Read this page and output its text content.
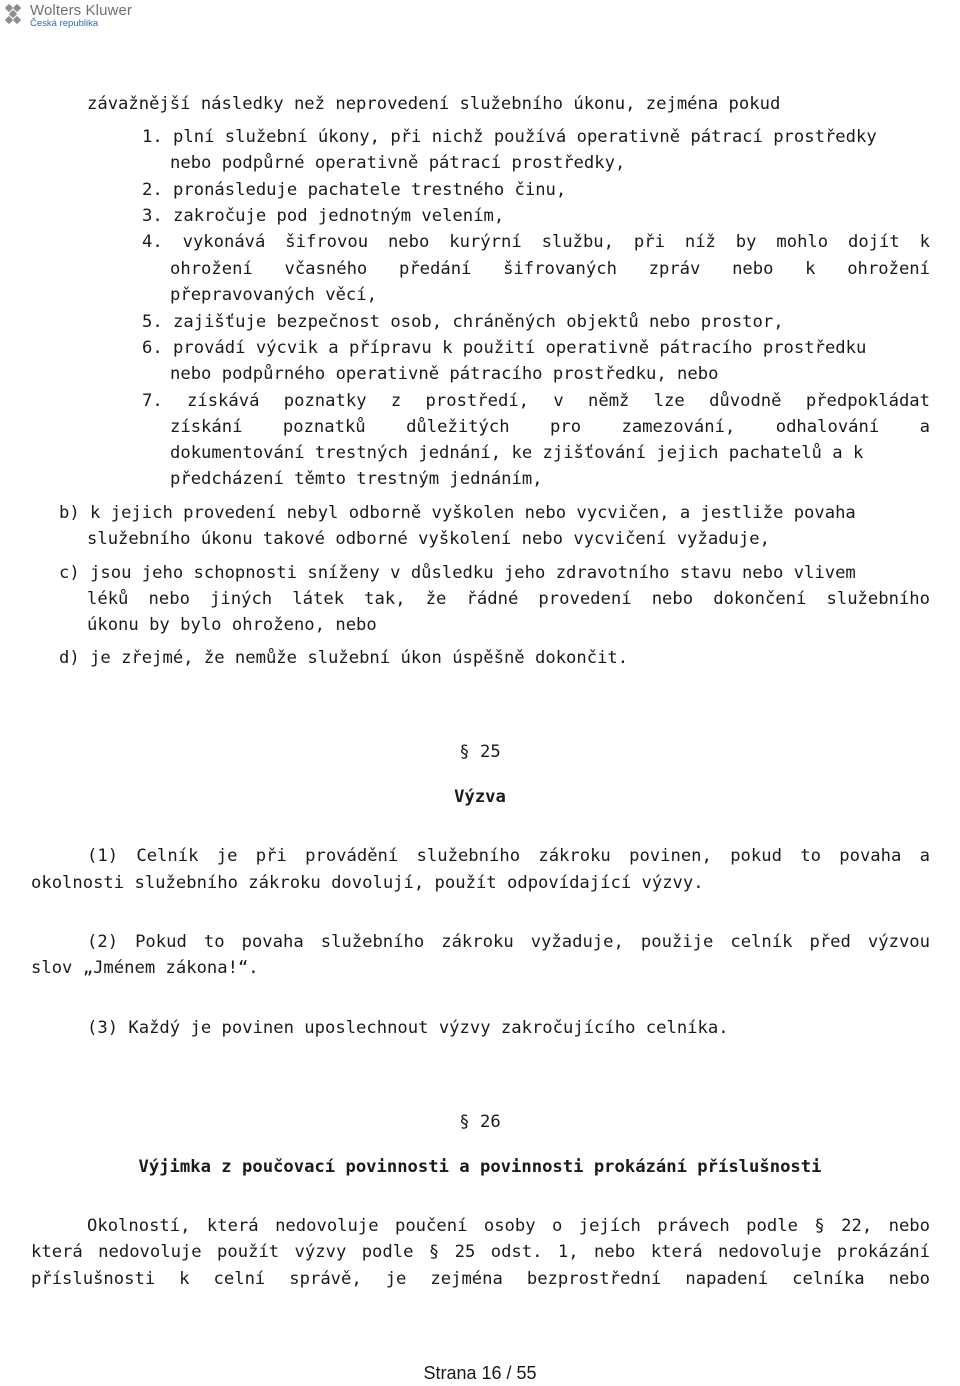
Wolters Kluwer
Česká republika
závažnější následky než neprovedení služebního úkonu, zejména pokud
1. plní služební úkony, při nichž používá operativně pátrací prostředky
nebo podpůrné operativně pátrací prostředky,
2. pronásleduje pachatele trestného činu,
3. zakročuje pod jednotným velením,
4. vykonává šifrovou nebo kurýrní službu, při níž by mohlo dojít k
ohrožení včasného předání šifrovaných zpráv nebo k ohrožení
přepravovaných věcí,
5. zajišťuje bezpečnost osob, chráněných objektů nebo prostor,
6. provádí výcvik a přípravu k použití operativně pátracího prostředku
nebo podpůrného operativně pátracího prostředku, nebo
7. získává poznatky z prostředí, v němž lze důvodně předpokládat
získání poznatků důležitých pro zamezování, odhalování a
dokumentování trestných jednání, ke zjišťování jejich pachatelů a k
předcházení těmto trestným jednáním,
b) k jejich provedení nebyl odborně vyškolen nebo vycvičen, a jestliže povaha
služebního úkonu takové odborné vyškolení nebo vycvičení vyžaduje,
c) jsou jeho schopnosti sníženy v důsledku jeho zdravotního stavu nebo vlivem
léků nebo jiných látek tak, že řádné provedení nebo dokončení služebního
úkonu by bylo ohroženo, nebo
d) je zřejmé, že nemůže služební úkon úspěšně dokončit.
§ 25
Výzva
(1) Celník je při provádění služebního zákroku povinen, pokud to povaha a
okolnosti služebního zákroku dovolují, použít odpovídající výzvy.
(2) Pokud to povaha služebního zákroku vyžaduje, použije celník před výzvou
slov „Jménem zákona!“.
(3) Každý je povinen uposlechnout výzvy zakročujícího celníka.
§ 26
Výjimka z poučovací povinnosti a povinnosti prokázání příslušnosti
Okolností, která nedovoluje poučení osoby o jejích právech podle § 22, nebo
která nedovoluje použít výzvy podle § 25 odst. 1, nebo která nedovoluje prokázání
příslušnosti k celní správě, je zejména bezprostřední napadení celníka nebo
Strana 16 / 55
